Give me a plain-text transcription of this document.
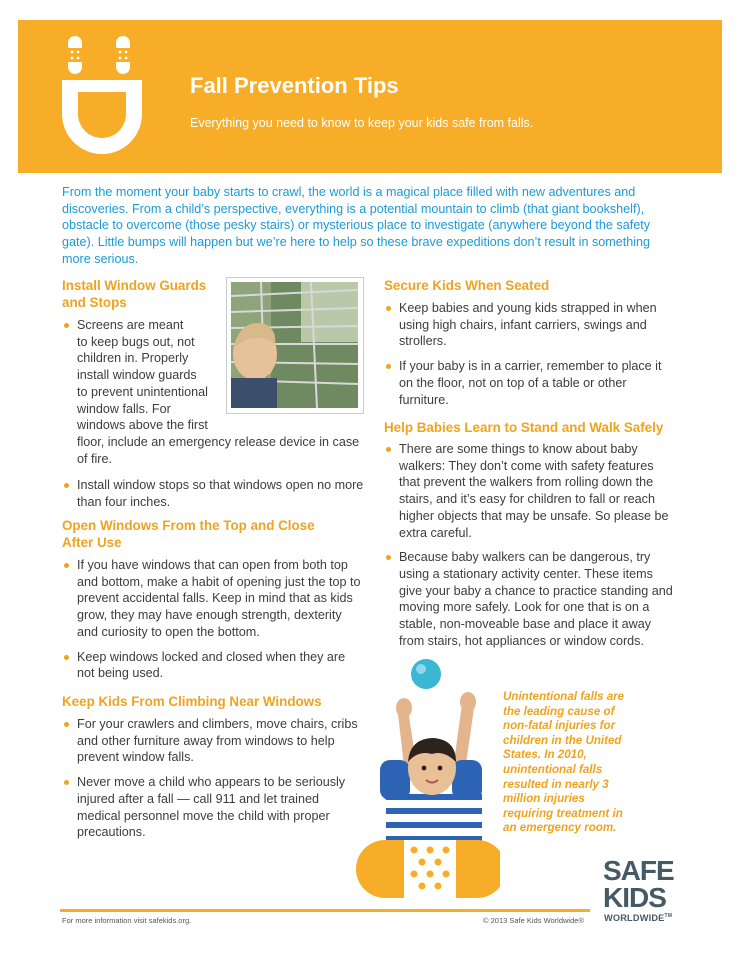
Fall Prevention Tips
Everything you need to know to keep your kids safe from falls.
From the moment your baby starts to crawl, the world is a magical place filled with new adventures and discoveries. From a child’s perspective, everything is a potential mountain to climb (that giant bookshelf), obstacle to overcome (those pesky stairs) or mysterious place to investigate (anywhere beyond the safety gate). Little bumps will happen but we’re here to help so these brave expeditions don’t result in something more serious.
Install Window Guards
and Stops
Screens are meant
to keep bugs out, not
children in. Properly
install window guards
to prevent unintentional
window falls. For
windows above the first
floor, include an emergency release device in case
of fire.
Install window stops so that windows open no more than four inches.
Open Windows From the Top and Close
After Use
If you have windows that can open from both top and bottom, make a habit of opening just the top to prevent accidental falls. Keep in mind that as kids grow, they may have enough strength, dexterity and curiosity to open the bottom.
Keep windows locked and closed when they are not being used.
Keep Kids From Climbing Near Windows
For your crawlers and climbers, move chairs, cribs and other furniture away from windows to help prevent window falls.
Never move a child who appears to be seriously injured after a fall — call 911 and let trained medical personnel move the child with proper precautions.
Secure Kids When Seated
Keep babies and young kids strapped in when using high chairs, infant carriers, swings and strollers.
If your baby is in a carrier, remember to place it on the floor, not on top of a table or other furniture.
Help Babies Learn to Stand and Walk Safely
There are some things to know about baby walkers: They don’t come with safety features that prevent the walkers from rolling down the stairs, and it’s easy for children to fall or reach higher objects that may be unsafe. So please be extra careful.
Because baby walkers can be dangerous, try using a stationary activity center. These items give your baby a chance to practice standing and moving more safely. Look for one that is on a stable, non-moveable base and place it away from stairs, hot appliances or window cords.
Unintentional falls are the leading cause of non-fatal injuries for children in the United States. In 2010, unintentional falls resulted in nearly 3 million injuries requiring treatment in an emergency room.
SAFE
KIDS
WORLDWIDE™
For more information visit safekids.org.	© 2013 Safe Kids Worldwide®
